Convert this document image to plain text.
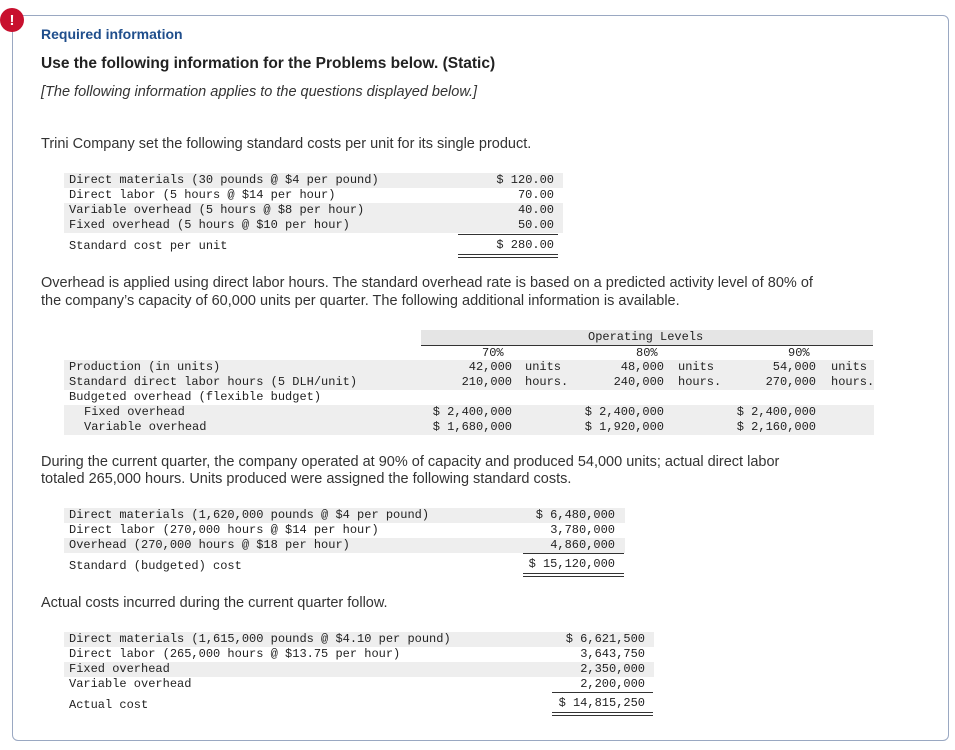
!
Required information
Use the following information for the Problems below. (Static)
[The following information applies to the questions displayed below.]
Trini Company set the following standard costs per unit for its single product.
Direct materials (30 pounds @ $4 per pound)	$ 120.00
Direct labor (5 hours @ $14 per hour)	70.00
Variable overhead (5 hours @ $8 per hour)	40.00
Fixed overhead (5 hours @ $10 per hour)	50.00
Standard cost per unit	$ 280.00
Overhead is applied using direct labor hours. The standard overhead rate is based on a predicted activity level of 80% of
the company’s capacity of 60,000 units per quarter. The following additional information is available.
Operating Levels
70%	80%	90%
Production (in units)	42,000 units	48,000 units	54,000 units
Standard direct labor hours (5 DLH/unit)	210,000 hours.	240,000 hours.	270,000 hours.
Budgeted overhead (flexible budget)
Fixed overhead	$ 2,400,000	$ 2,400,000	$ 2,400,000
Variable overhead	$ 1,680,000	$ 1,920,000	$ 2,160,000
During the current quarter, the company operated at 90% of capacity and produced 54,000 units; actual direct labor
totaled 265,000 hours. Units produced were assigned the following standard costs.
Direct materials (1,620,000 pounds @ $4 per pound)	$ 6,480,000
Direct labor (270,000 hours @ $14 per hour)	3,780,000
Overhead (270,000 hours @ $18 per hour)	4,860,000
Standard (budgeted) cost	$ 15,120,000
Actual costs incurred during the current quarter follow.
Direct materials (1,615,000 pounds @ $4.10 per pound)	$ 6,621,500
Direct labor (265,000 hours @ $13.75 per hour)	3,643,750
Fixed overhead	2,350,000
Variable overhead	2,200,000
Actual cost	$ 14,815,250
